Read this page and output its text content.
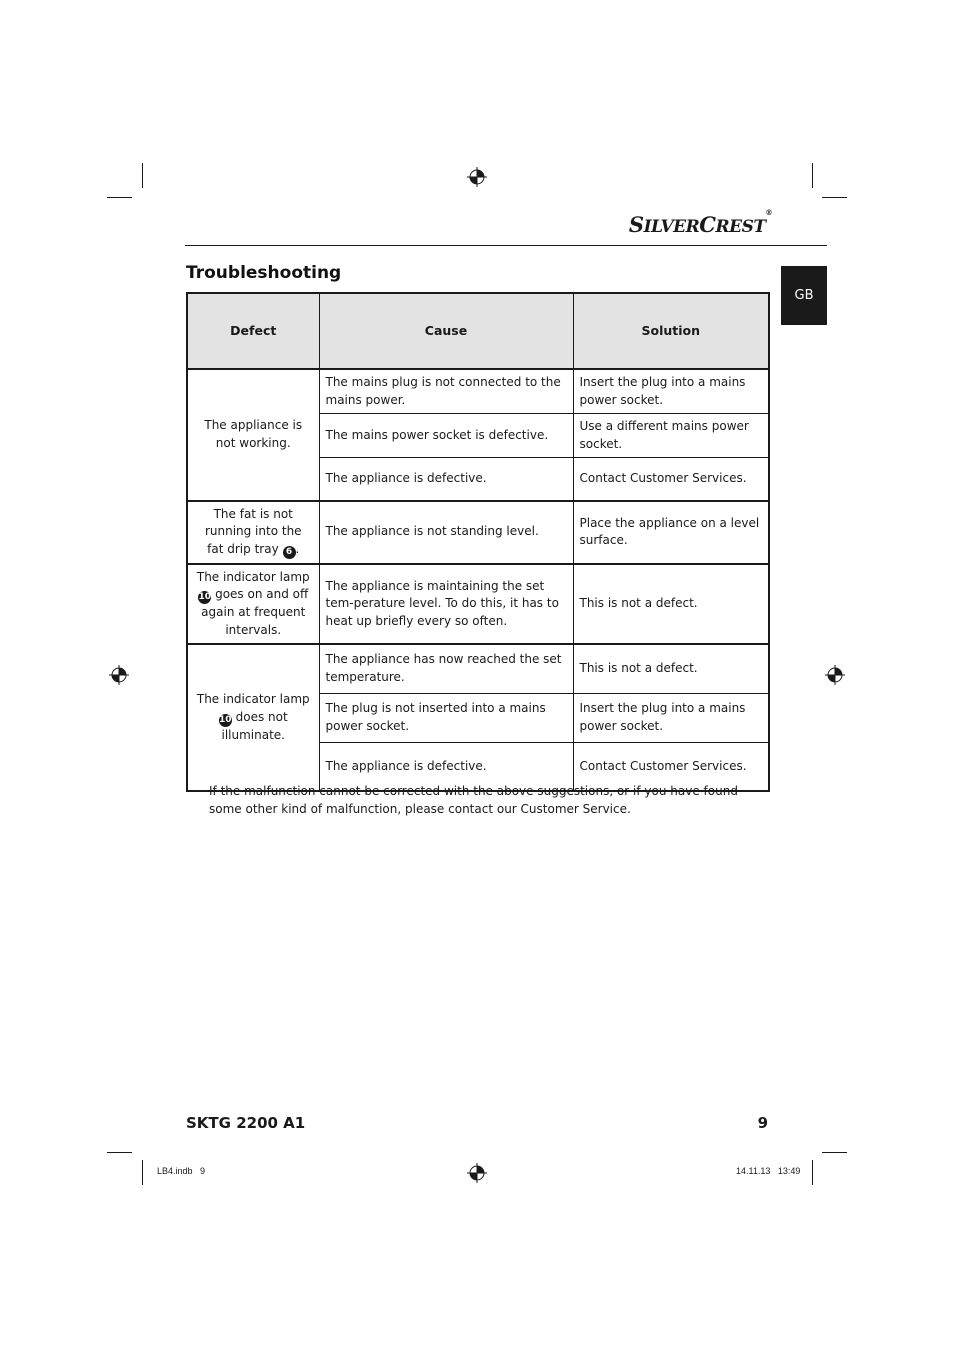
SILVERCREST®
Troubleshooting
GB
Defect	Cause	Solution
The appliance is not working.	The mains plug is not connected to the mains power.	Insert the plug into a mains power socket.
	The mains power socket is defective.	Use a different mains power socket.
	The appliance is defective.	Contact Customer Services.
The fat is not running into the fat drip tray 6 .	The appliance is not standing level.	Place the appliance on a level surface.
The indicator lamp 10 goes on and off again at frequent intervals.	The appliance is maintaining the set tem-perature level. To do this, it has to heat up briefly every so often.	This is not a defect.
The indicator lamp 10 does not illuminate.	The appliance has now reached the set temperature.	This is not a defect.
	The plug is not inserted into a mains power socket.	Insert the plug into a mains power socket.
	The appliance is defective.	Contact Customer Services.
If the malfunction cannot be corrected with the above suggestions, or if you have found some other kind of malfunction, please contact our Customer Service.
SKTG 2200 A1	9
LB4.indb   9	14.11.13   13:49
